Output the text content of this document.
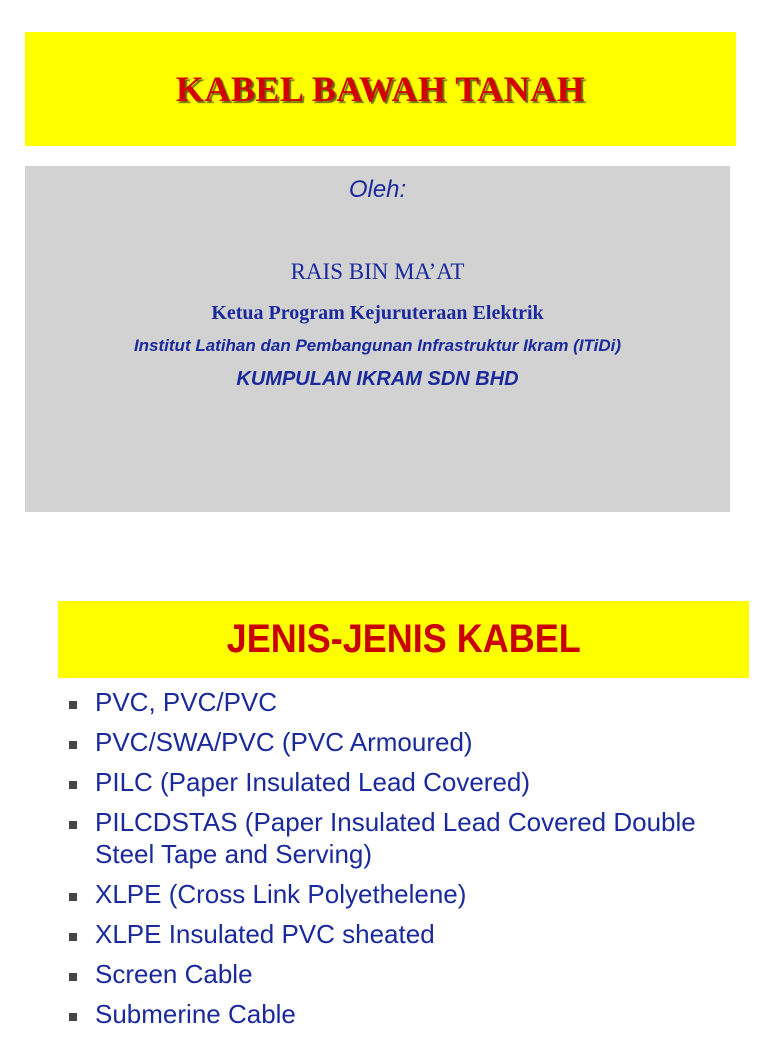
KABEL BAWAH TANAH
Oleh:
RAIS BIN MA’AT
Ketua Program Kejuruteraan Elektrik
Institut Latihan dan Pembangunan Infrastruktur Ikram (ITiDi)
KUMPULAN IKRAM SDN BHD
JENIS-JENIS KABEL
PVC, PVC/PVC
PVC/SWA/PVC (PVC Armoured)
PILC (Paper Insulated Lead Covered)
PILCDSTAS (Paper Insulated Lead Covered Double Steel Tape and Serving)
XLPE (Cross Link Polyethelene)
XLPE Insulated PVC sheated
Screen Cable
Submerine Cable
